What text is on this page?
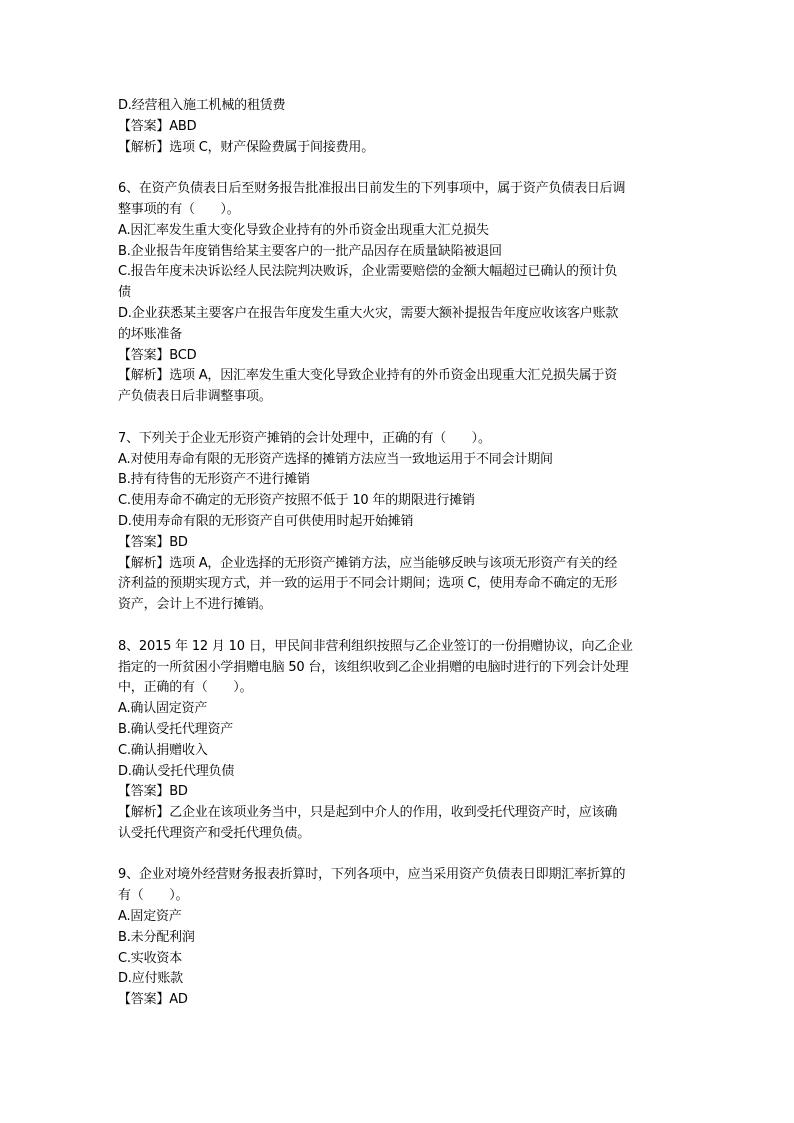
D.经营租入施工机械的租赁费
【答案】ABD
【解析】选项 C，财产保险费属于间接费用。
6、在资产负债表日后至财务报告批准报出日前发生的下列事项中，属于资产负债表日后调
整事项的有（　　）。
A.因汇率发生重大变化导致企业持有的外币资金出现重大汇兑损失
B.企业报告年度销售给某主要客户的一批产品因存在质量缺陷被退回
C.报告年度未决诉讼经人民法院判决败诉，企业需要赔偿的金额大幅超过已确认的预计负
债
D.企业获悉某主要客户在报告年度发生重大火灾，需要大额补提报告年度应收该客户账款
的坏账准备
【答案】BCD
【解析】选项 A，因汇率发生重大变化导致企业持有的外币资金出现重大汇兑损失属于资
产负债表日后非调整事项。
7、下列关于企业无形资产摊销的会计处理中，正确的有（　　）。
A.对使用寿命有限的无形资产选择的摊销方法应当一致地运用于不同会计期间
B.持有待售的无形资产不进行摊销
C.使用寿命不确定的无形资产按照不低于 10 年的期限进行摊销
D.使用寿命有限的无形资产自可供使用时起开始摊销
【答案】BD
【解析】选项 A，企业选择的无形资产摊销方法，应当能够反映与该项无形资产有关的经
济利益的预期实现方式，并一致的运用于不同会计期间；选项 C，使用寿命不确定的无形
资产，会计上不进行摊销。
8、2015 年 12 月 10 日，甲民间非营利组织按照与乙企业签订的一份捐赠协议，向乙企业
指定的一所贫困小学捐赠电脑 50 台，该组织收到乙企业捐赠的电脑时进行的下列会计处理
中，正确的有（　　）。
A.确认固定资产
B.确认受托代理资产
C.确认捐赠收入
D.确认受托代理负债
【答案】BD
【解析】乙企业在该项业务当中，只是起到中介人的作用，收到受托代理资产时，应该确
认受托代理资产和受托代理负债。
9、企业对境外经营财务报表折算时，下列各项中，应当采用资产负债表日即期汇率折算的
有（　　）。
A.固定资产
B.未分配利润
C.实收资本
D.应付账款
【答案】AD
